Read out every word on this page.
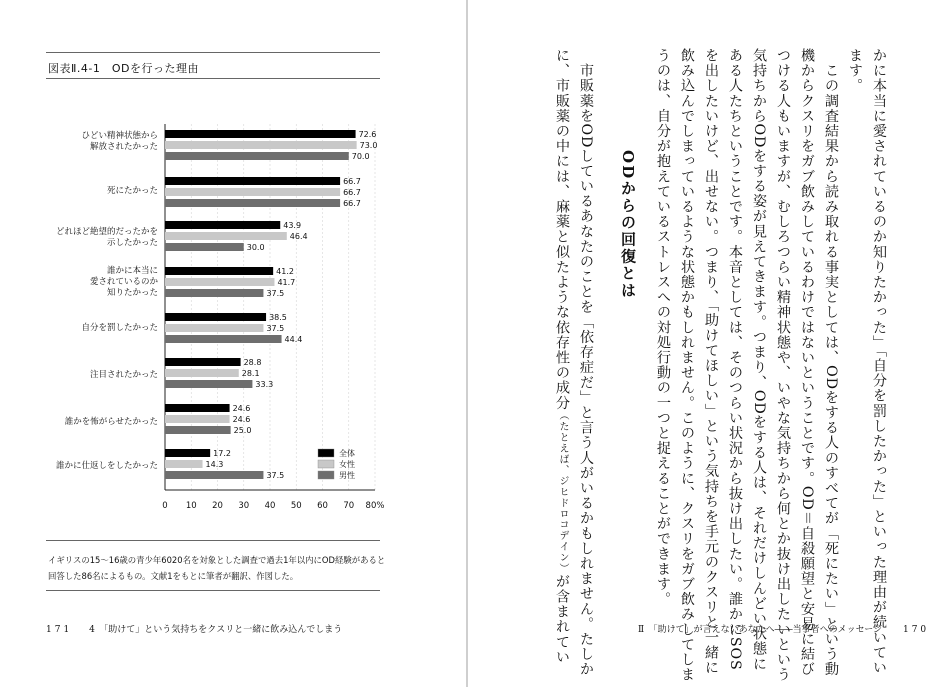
図表Ⅱ.4-1　ODを行った理由
0 10 20 30 40 50 60 70 80%
72.6
73.0
70.0
66.7
66.7
66.7
43.9
46.4
30.0
41.2
41.7
37.5
38.5
37.5
44.4
28.8
28.1
33.3
24.6
24.6
25.0
17.2
14.3
37.5
全体
女性
男性
ひどい精神状態から
解放されたかった
死にたかった
どれほど絶望的だったかを
示したかった
誰かに本当に
愛されているのか
知りたかった
自分を罰したかった
注目されたかった
誰かを怖がらせたかった
誰かに仕返しをしたかった
イギリスの15～16歳の青少年6020名を対象とした調査で過去1年以内にOD経験があると回答した86名によるもの。文献1をもとに筆者が翻訳、作図した。
171 4　「助けて」という気持ちをクスリと一緒に飲み込んでしまう	かに本当に愛されているのか知りたかった」「自分を罰したかった」といった理由が続いてい
ます。
　この調査結果から読み取れる事実としては、ODをする人のすべてが「死にたい」という動
機からクスリをガブ飲みしているわけではないということです。OD＝自殺願望と安易に結び
つける人もいますが、むしろつらい精神状態や、いやな気持ちから何とか抜け出したいという
気持ちからODをする姿が見えてきます。つまり、ODをする人は、それだけしんどい状態に
ある人たちということです。本音としては、そのつらい状況から抜け出したい。誰かにSOS
を出したいけど、出せない。つまり、「助けてほしい」という気持ちを手元のクスリと一緒に
飲み込んでしまっているような状態かもしれません。このように、クスリをガブ飲みしてしま
うのは、自分が抱えているストレスへの対処行動の一つと捉えることができます。
ODからの回復とは
　市販薬をODしているあなたのことを「依存症だ」と言う人がいるかもしれません。たしか
に、市販薬の中には、麻薬と似たような依存性の成分（たとえば、ジヒドロコデイン）が含まれてい	Ⅱ　「助けて」が言えないあなたへ――当事者へのメッセージ 170
